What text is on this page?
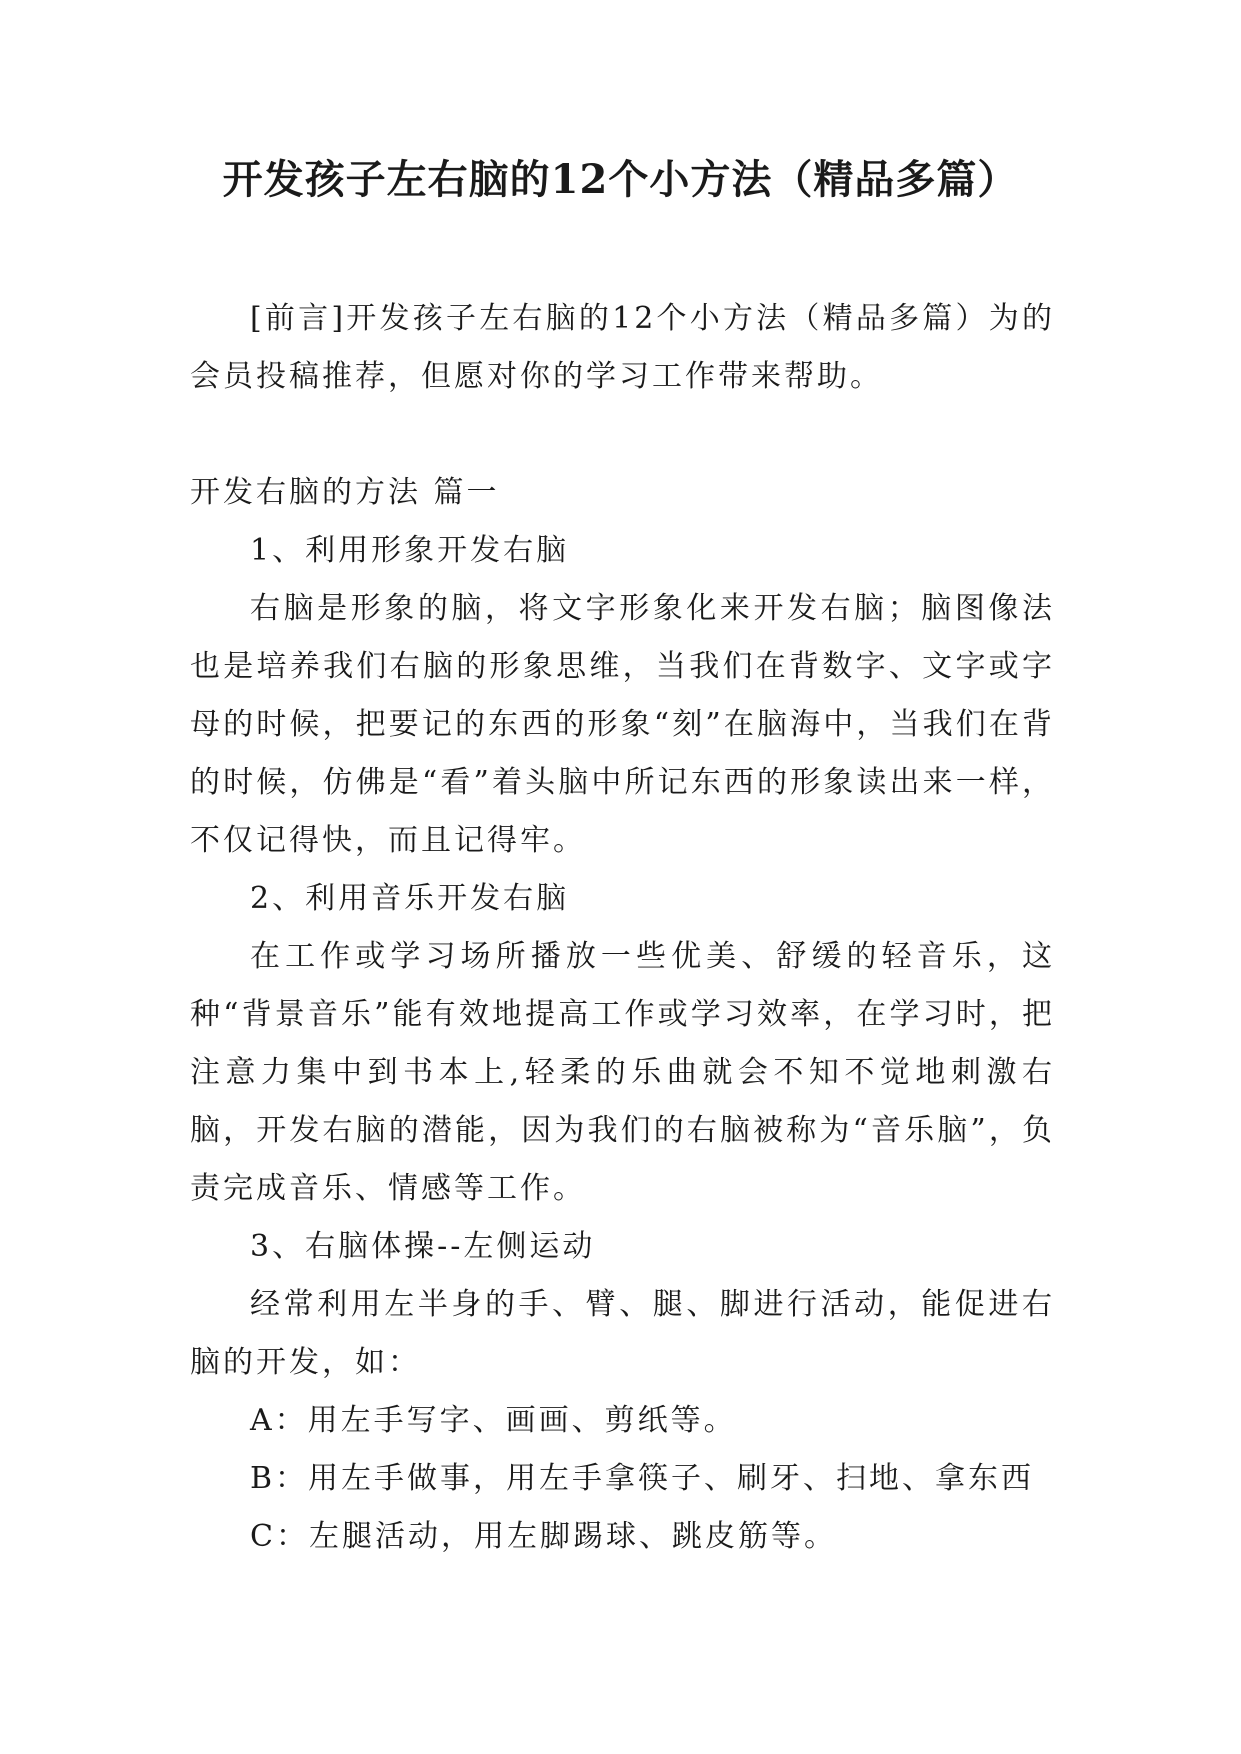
开发孩子左右脑的12个小方法（精品多篇）

[前言]开发孩子左右脑的12个小方法（精品多篇）为的会员投稿推荐，但愿对你的学习工作带来帮助。

开发右脑的方法 篇一

1、利用形象开发右脑

右脑是形象的脑，将文字形象化来开发右脑；脑图像法也是培养我们右脑的形象思维，当我们在背数字、文字或字母的时候，把要记的东西的形象“刻”在脑海中，当我们在背的时候，仿佛是“看”着头脑中所记东西的形象读出来一样，不仅记得快，而且记得牢。

2、利用音乐开发右脑

在工作或学习场所播放一些优美、舒缓的轻音乐，这种“背景音乐”能有效地提高工作或学习效率，在学习时，把注意力集中到书本上,轻柔的乐曲就会不知不觉地刺激右脑，开发右脑的潜能，因为我们的右脑被称为“音乐脑”，负责完成音乐、情感等工作。

3、右脑体操--左侧运动

经常利用左半身的手、臂、腿、脚进行活动，能促进右脑的开发，如：

A：用左手写字、画画、剪纸等。

B：用左手做事，用左手拿筷子、刷牙、扫地、拿东西

C：左腿活动，用左脚踢球、跳皮筋等。
